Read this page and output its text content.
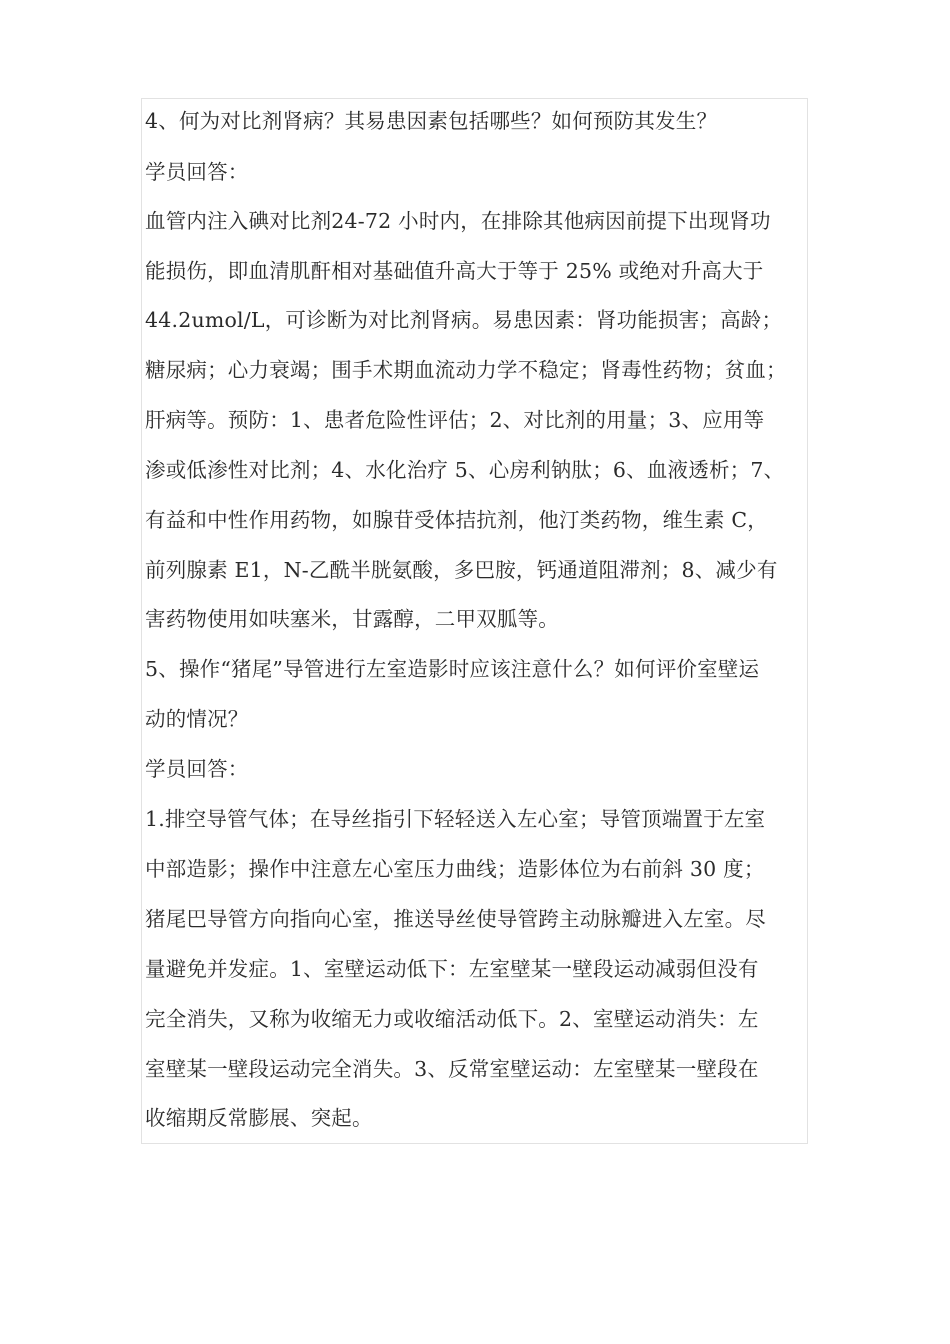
4、何为对比剂肾病？其易患因素包括哪些？如何预防其发生？
学员回答：
血管内注入碘对比剂24-72 小时内，在排除其他病因前提下出现肾功
能损伤，即血清肌酐相对基础值升高大于等于 25% 或绝对升高大于
44.2umol/L，可诊断为对比剂肾病。易患因素：肾功能损害；高龄；
糖尿病；心力衰竭；围手术期血流动力学不稳定；肾毒性药物；贫血；
肝病等。预防：1、患者危险性评估；2、对比剂的用量；3、应用等
渗或低渗性对比剂；4、水化治疗 5、心房利钠肽；6、血液透析；7、
有益和中性作用药物，如腺苷受体拮抗剂，他汀类药物，维生素 C，
前列腺素 E1，N-乙酰半胱氨酸，多巴胺，钙通道阻滞剂；8、减少有
害药物使用如呋塞米，甘露醇，二甲双胍等。
5、操作“猪尾”导管进行左室造影时应该注意什么？如何评价室壁运
动的情况？
学员回答：
1.排空导管气体；在导丝指引下轻轻送入左心室；导管顶端置于左室
中部造影；操作中注意左心室压力曲线；造影体位为右前斜 30 度；
猪尾巴导管方向指向心室，推送导丝使导管跨主动脉瓣进入左室。尽
量避免并发症。1、室壁运动低下：左室壁某一壁段运动减弱但没有
完全消失，又称为收缩无力或收缩活动低下。2、室壁运动消失：左
室壁某一壁段运动完全消失。3、反常室壁运动：左室壁某一壁段在
收缩期反常膨展、突起。
